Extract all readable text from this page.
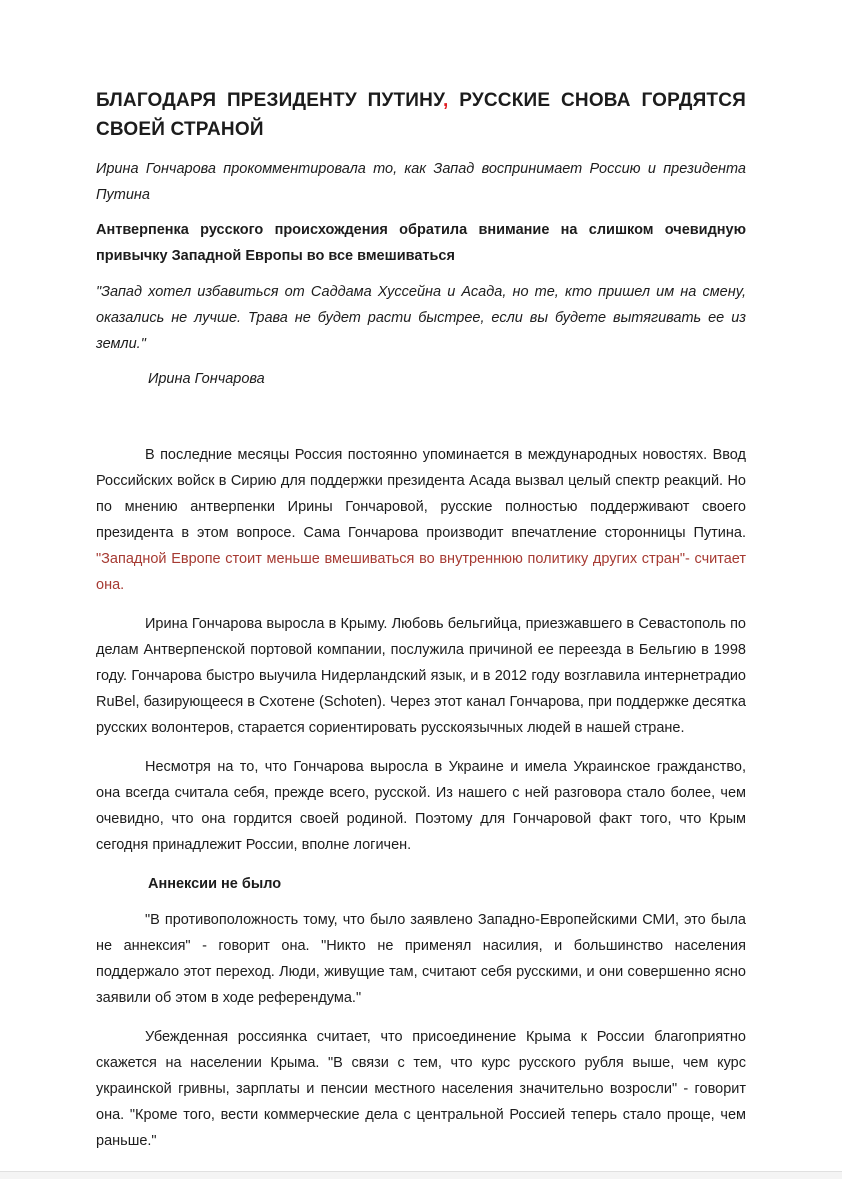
БЛАГОДАРЯ ПРЕЗИДЕНТУ ПУТИНУ, РУССКИЕ СНОВА ГОРДЯТСЯ СВОЕЙ СТРАНОЙ

Ирина Гончарова прокомментировала то, как Запад воспринимает Россию и президента Путина

Антверпенка русского происхождения обратила внимание на слишком очевидную привычку Западной Европы во все вмешиваться

"Запад хотел избавиться от Саддама Хуссейна и Асада, но те, кто пришел им на смену, оказались не лучше. Трава не будет расти быстрее, если вы будете вытягивать ее из земли."

Ирина Гончарова

В последние месяцы Россия постоянно упоминается в международных новостях. Ввод Российских войск в Сирию для поддержки президента Асада вызвал целый спектр реакций. Но по мнению антверпенки Ирины Гончаровой, русские полностью поддерживают своего президента в этом вопросе. Сама Гончарова производит впечатление сторонницы Путина. "Западной Европе стоит меньше вмешиваться во внутреннюю политику других стран"- считает она.

Ирина Гончарова выросла в Крыму. Любовь бельгийца, приезжавшего в Севастополь по делам Антверпенской портовой компании, послужила причиной ее переезда в Бельгию в 1998 году. Гончарова быстро выучила Нидерландский язык, и в 2012 году возглавила интернетрадио RuBel, базирующееся в Схотене (Schoten). Через этот канал Гончарова, при поддержке десятка русских волонтеров, старается сориентировать русскоязычных людей в нашей стране.

Несмотря на то, что Гончарова выросла в Украине и имела Украинское гражданство, она всегда считала себя, прежде всего, русской. Из нашего с ней разговора стало более, чем очевидно, что она гордится своей родиной. Поэтому для Гончаровой факт того, что Крым сегодня принадлежит России, вполне логичен.

Аннексии не было

"В противоположность тому, что было заявлено Западно-Европейскими СМИ, это была не аннексия" - говорит она. "Никто не применял насилия, и большинство населения поддержало этот переход. Люди, живущие там, считают себя русскими, и они совершенно ясно заявили об этом в ходе референдума."

Убежденная россиянка считает, что присоединение Крыма к России благоприятно скажется на населении Крыма. "В связи с тем, что курс русского рубля выше, чем курс украинской гривны, зарплаты и пенсии местного населения значительно возросли" - говорит она. "Кроме того, вести коммерческие дела с центральной Россией теперь стало проще, чем раньше."
